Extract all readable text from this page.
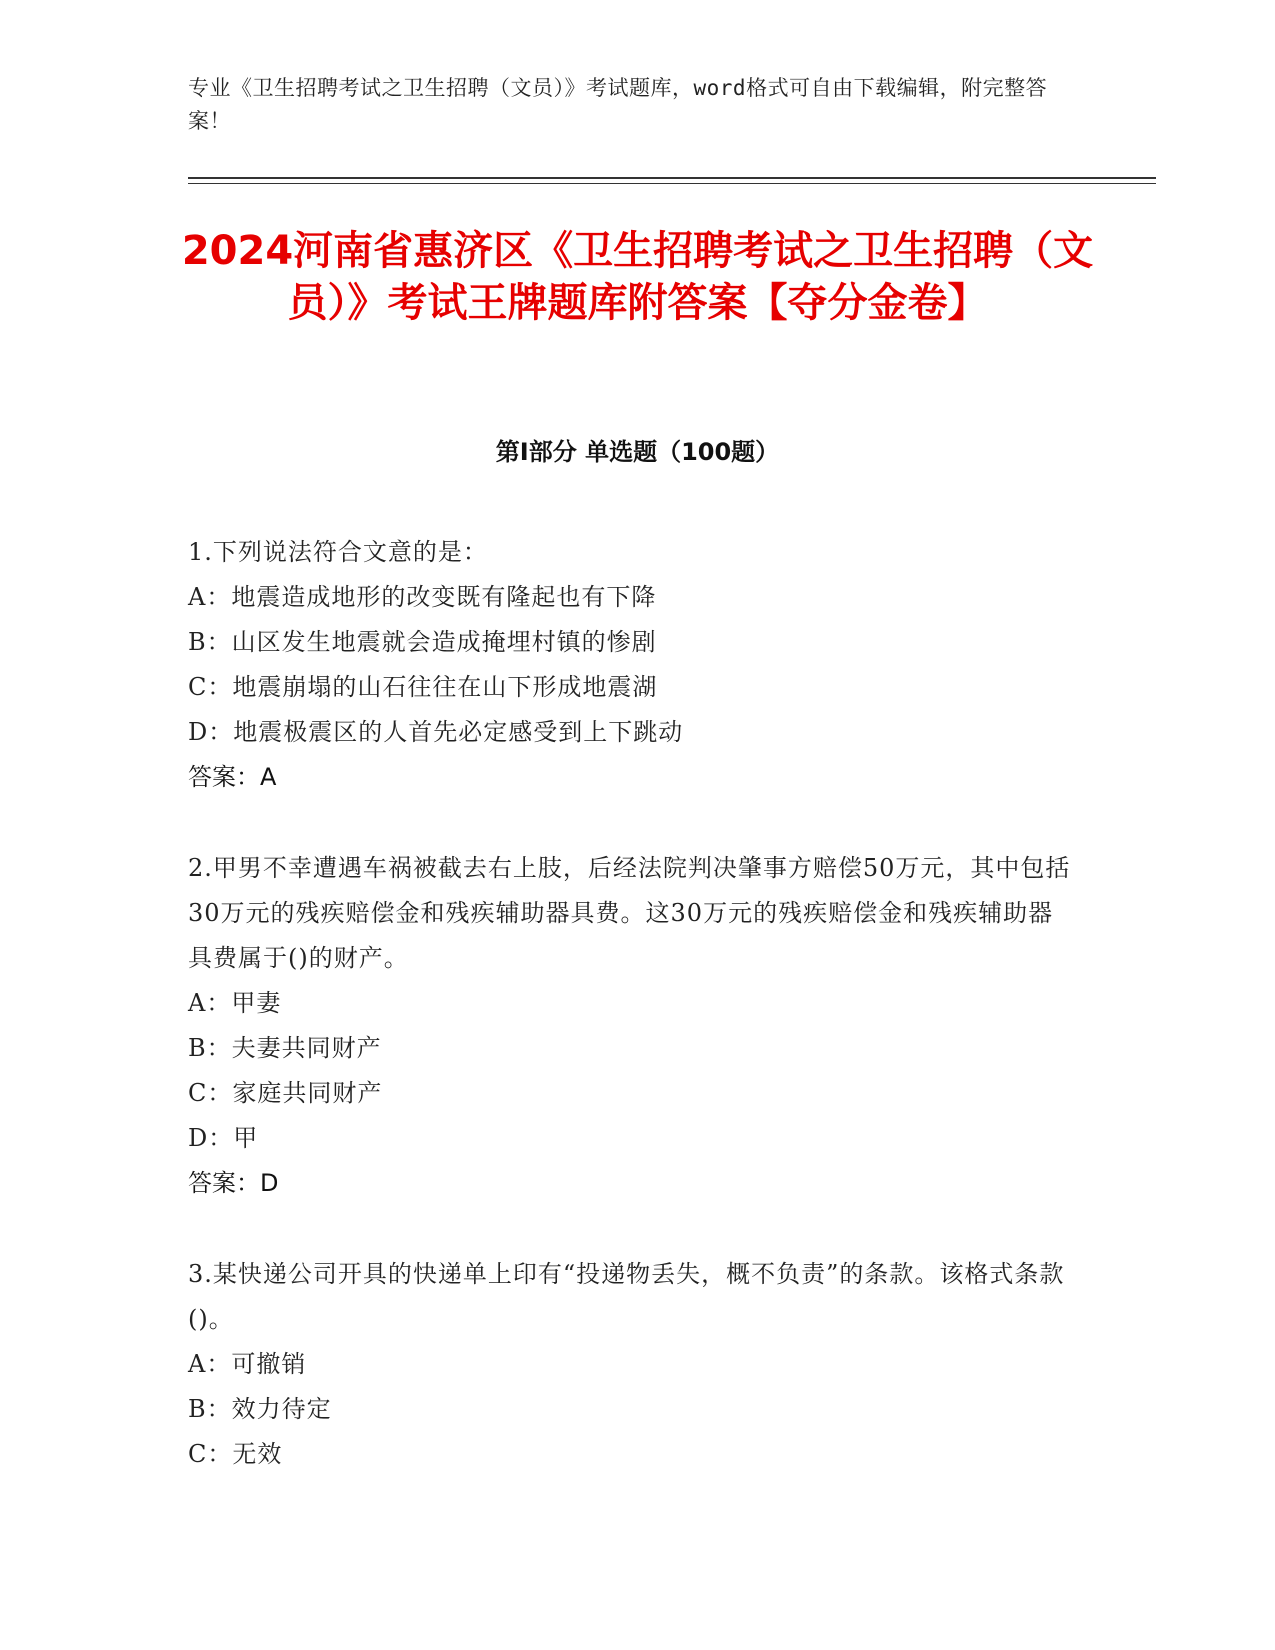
专业《卫生招聘考试之卫生招聘（文员）》考试题库，word格式可自由下载编辑，附完整答案！
2024河南省惠济区《卫生招聘考试之卫生招聘（文员）》考试王牌题库附答案【夺分金卷】
第Ⅰ部分 单选题（100题）
1.下列说法符合文意的是：
A：地震造成地形的改变既有隆起也有下降
B：山区发生地震就会造成掩埋村镇的惨剧
C：地震崩塌的山石往往在山下形成地震湖
D：地震极震区的人首先必定感受到上下跳动
答案：A
2.甲男不幸遭遇车祸被截去右上肢，后经法院判决肇事方赔偿50万元，其中包括30万元的残疾赔偿金和残疾辅助器具费。这30万元的残疾赔偿金和残疾辅助器具费属于()的财产。
A：甲妻
B：夫妻共同财产
C：家庭共同财产
D：甲
答案：D
3.某快递公司开具的快递单上印有“投递物丢失，概不负责”的条款。该格式条款()。
A：可撤销
B：效力待定
C：无效
